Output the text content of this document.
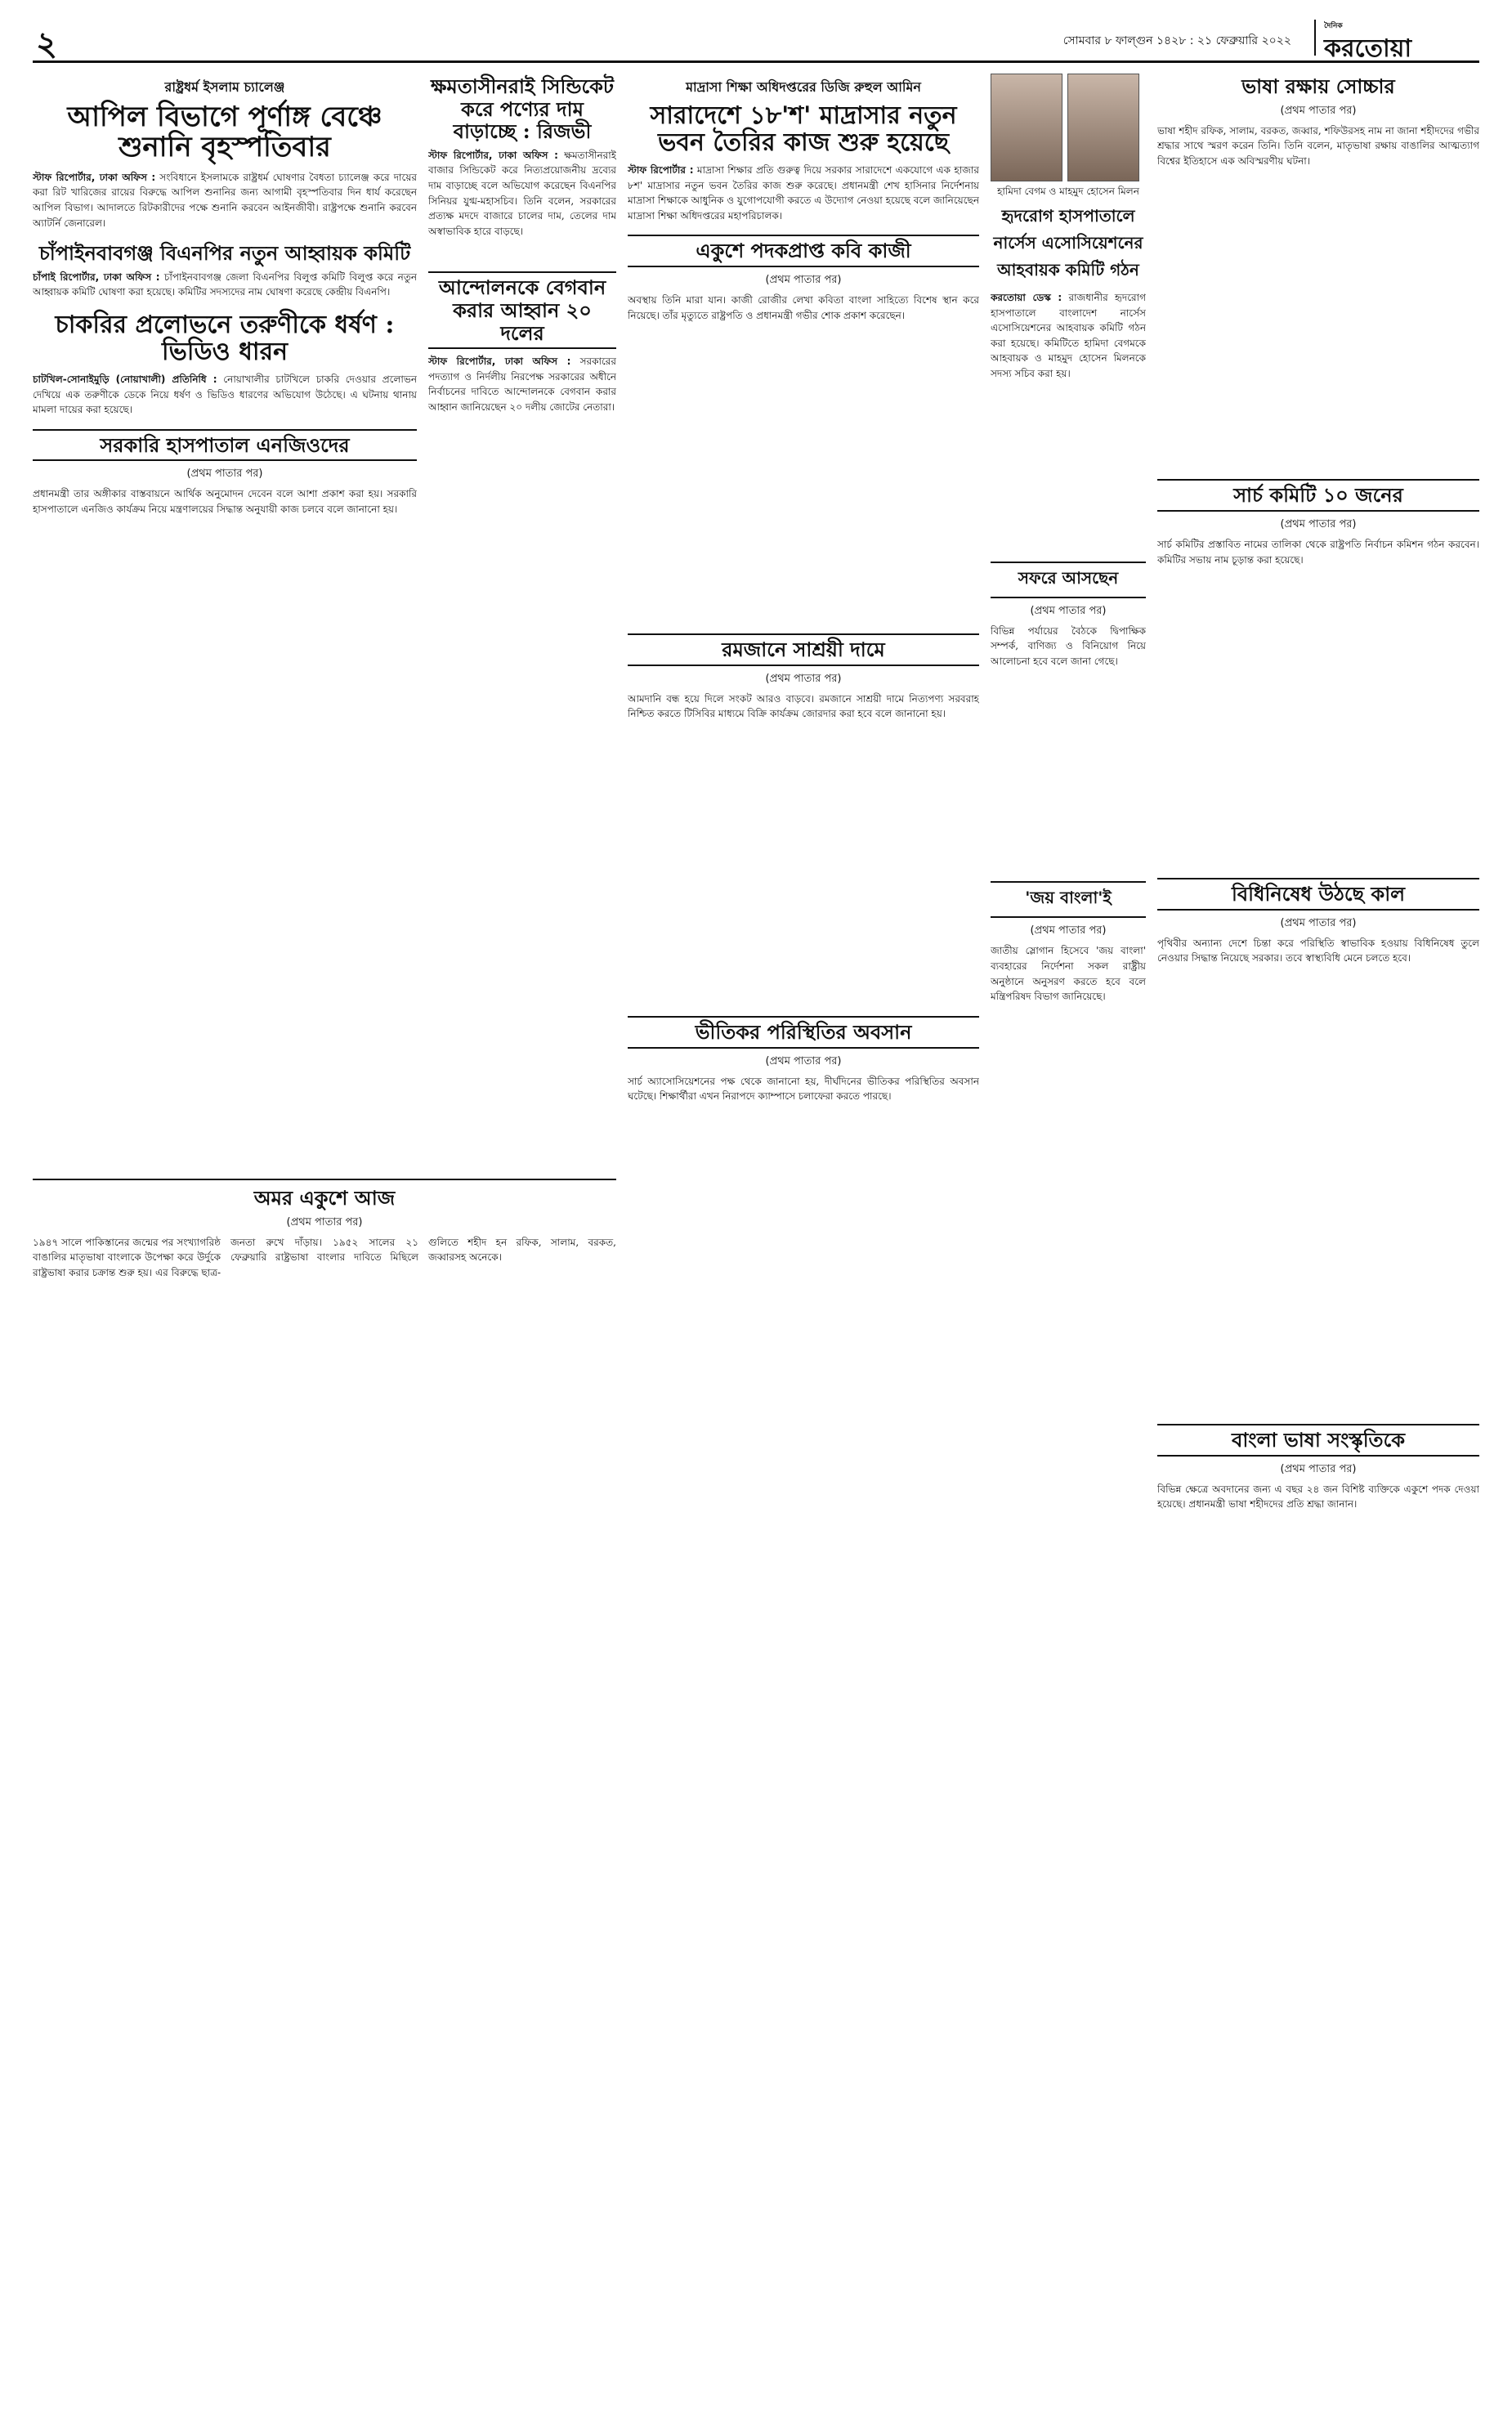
২	সোমবার ৮ ফাল্গুন ১৪২৮ : ২১ ফেব্রুয়ারি ২০২২
দৈনিক
করতোয়া
রাষ্ট্রধর্ম ইসলাম চ্যালেঞ্জ
আপিল বিভাগে পূর্ণাঙ্গ বেঞ্চে শুনানি বৃহস্পতিবার
স্টাফ রিপোর্টার, ঢাকা অফিস : সংবিধানে ইসলামকে রাষ্ট্রধর্ম ঘোষণার বৈধতা চ্যালেঞ্জ করে দায়ের করা রিট খারিজের রায়ের বিরুদ্ধে আপিল শুনানির জন্য আগামী বৃহস্পতিবার দিন ধার্য করেছেন আপিল বিভাগ। আদালতে রিটকারীদের পক্ষে শুনানি করবেন আইনজীবী। রাষ্ট্রপক্ষে শুনানি করবেন অ্যাটর্নি জেনারেল।
চাঁপাইনবাবগঞ্জ বিএনপির নতুন আহ্বায়ক কমিটি
চাঁপাই রিপোর্টার, ঢাকা অফিস : চাঁপাইনবাবগঞ্জ জেলা বিএনপির বিলুপ্ত কমিটি বিলুপ্ত করে নতুন আহ্বায়ক কমিটি ঘোষণা করা হয়েছে। কমিটির সদস্যদের নাম ঘোষণা করেছে কেন্দ্রীয় বিএনপি।
চাকরির প্রলোভনে তরুণীকে ধর্ষণ : ভিডিও ধারন
চাটখিল-সোনাইমুড়ি (নোয়াখালী) প্রতিনিধি : নোয়াখালীর চাটখিলে চাকরি দেওয়ার প্রলোভন দেখিয়ে এক তরুণীকে ডেকে নিয়ে ধর্ষণ ও ভিডিও ধারণের অভিযোগ উঠেছে। এ ঘটনায় থানায় মামলা দায়ের করা হয়েছে।
সরকারি হাসপাতাল এনজিওদের
(প্রথম পাতার পর)
প্রধানমন্ত্রী তার অঙ্গীকার বাস্তবায়নে আর্থিক অনুমোদন দেবেন বলে আশা প্রকাশ করা হয়। সরকারি হাসপাতালে এনজিও কার্যক্রম নিয়ে মন্ত্রণালয়ের সিদ্ধান্ত অনুযায়ী কাজ চলবে বলে জানানো হয়।
ক্ষমতাসীনরাই সিন্ডিকেট করে পণ্যের দাম বাড়াচ্ছে : রিজভী
স্টাফ রিপোর্টার, ঢাকা অফিস : ক্ষমতাসীনরাই বাজার সিন্ডিকেট করে নিত্যপ্রয়োজনীয় দ্রব্যের দাম বাড়াচ্ছে বলে অভিযোগ করেছেন বিএনপির সিনিয়র যুগ্ম-মহাসচিব। তিনি বলেন, সরকারের প্রত্যক্ষ মদদে বাজারে চালের দাম, তেলের দাম অস্বাভাবিক হারে বাড়ছে।
আন্দোলনকে বেগবান করার আহ্বান ২০ দলের
স্টাফ রিপোর্টার, ঢাকা অফিস : সরকারের পদত্যাগ ও নির্দলীয় নিরপেক্ষ সরকারের অধীনে নির্বাচনের দাবিতে আন্দোলনকে বেগবান করার আহ্বান জানিয়েছেন ২০ দলীয় জোটের নেতারা।
মাদ্রাসা শিক্ষা অধিদপ্তরের ডিজি রুহুল আমিন
সারাদেশে ১৮'শ' মাদ্রাসার নতুন ভবন তৈরির কাজ শুরু হয়েছে
স্টাফ রিপোর্টার : মাদ্রাসা শিক্ষার প্রতি গুরুত্ব দিয়ে সরকার সারাদেশে একযোগে এক হাজার ৮শ' মাদ্রাসার নতুন ভবন তৈরির কাজ শুরু করেছে। প্রধানমন্ত্রী শেখ হাসিনার নির্দেশনায় মাদ্রাসা শিক্ষাকে আধুনিক ও যুগোপযোগী করতে এ উদ্যোগ নেওয়া হয়েছে বলে জানিয়েছেন মাদ্রাসা শিক্ষা অধিদপ্তরের মহাপরিচালক।
একুশে পদকপ্রাপ্ত কবি কাজী
(প্রথম পাতার পর)
অবস্থায় তিনি মারা যান। কাজী রোজীর লেখা কবিতা বাংলা সাহিত্যে বিশেষ স্থান করে নিয়েছে। তাঁর মৃত্যুতে রাষ্ট্রপতি ও প্রধানমন্ত্রী গভীর শোক প্রকাশ করেছেন।
রমজানে সাশ্রয়ী দামে
(প্রথম পাতার পর)
আমদানি বন্ধ হয়ে দিলে সংকট আরও বাড়বে। রমজানে সাশ্রয়ী দামে নিত্যপণ্য সরবরাহ নিশ্চিত করতে টিসিবির মাধ্যমে বিক্রি কার্যক্রম জোরদার করা হবে বলে জানানো হয়।
ভীতিকর পরিস্থিতির অবসান
(প্রথম পাতার পর)
সার্চ অ্যাসোসিয়েশনের পক্ষ থেকে জানানো হয়, দীর্ঘদিনের ভীতিকর পরিস্থিতির অবসান ঘটেছে। শিক্ষার্থীরা এখন নিরাপদে ক্যাম্পাসে চলাফেরা করতে পারছে।
হামিদা বেগম ও মাহমুদ হোসেন মিলন
হৃদরোগ হাসপাতালে নার্সেস এসোসিয়েশনের আহবায়ক কমিটি গঠন
করতোয়া ডেস্ক : রাজধানীর হৃদরোগ হাসপাতালে বাংলাদেশ নার্সেস এসোসিয়েশনের আহবায়ক কমিটি গঠন করা হয়েছে। কমিটিতে হামিদা বেগমকে আহবায়ক ও মাহমুদ হোসেন মিলনকে সদস্য সচিব করা হয়।
সফরে আসছেন
(প্রথম পাতার পর)
বিভিন্ন পর্যায়ের বৈঠকে দ্বিপাক্ষিক সম্পর্ক, বাণিজ্য ও বিনিয়োগ নিয়ে আলোচনা হবে বলে জানা গেছে।
'জয় বাংলা'ই
(প্রথম পাতার পর)
জাতীয় স্লোগান হিসেবে 'জয় বাংলা' ব্যবহারের নির্দেশনা সকল রাষ্ট্রীয় অনুষ্ঠানে অনুসরণ করতে হবে বলে মন্ত্রিপরিষদ বিভাগ জানিয়েছে।
ভাষা রক্ষায় সোচ্চার
(প্রথম পাতার পর)
ভাষা শহীদ রফিক, সালাম, বরকত, জব্বার, শফিউরসহ নাম না জানা শহীদদের গভীর শ্রদ্ধার সাথে স্মরণ করেন তিনি। তিনি বলেন, মাতৃভাষা রক্ষায় বাঙালির আত্মত্যাগ বিশ্বের ইতিহাসে এক অবিস্মরণীয় ঘটনা।
সার্চ কমিটি ১০ জনের
(প্রথম পাতার পর)
সার্চ কমিটির প্রস্তাবিত নামের তালিকা থেকে রাষ্ট্রপতি নির্বাচন কমিশন গঠন করবেন। কমিটির সভায় নাম চূড়ান্ত করা হয়েছে।
বিধিনিষেধ উঠছে কাল
(প্রথম পাতার পর)
পৃথিবীর অন্যান্য দেশে চিন্তা করে পরিস্থিতি স্বাভাবিক হওয়ায় বিধিনিষেধ তুলে নেওয়ার সিদ্ধান্ত নিয়েছে সরকার। তবে স্বাস্থ্যবিধি মেনে চলতে হবে।
বাংলা ভাষা সংস্কৃতিকে
(প্রথম পাতার পর)
বিভিন্ন ক্ষেত্রে অবদানের জন্য এ বছর ২৪ জন বিশিষ্ট ব্যক্তিকে একুশে পদক দেওয়া হয়েছে। প্রধানমন্ত্রী ভাষা শহীদদের প্রতি শ্রদ্ধা জানান।
অমর একুশে আজ
(প্রথম পাতার পর)
১৯৪৭ সালে পাকিস্তানের জন্মের পর সংখ্যাগরিষ্ঠ বাঙালির মাতৃভাষা বাংলাকে উপেক্ষা করে উর্দুকে রাষ্ট্রভাষা করার চক্রান্ত শুরু হয়। এর বিরুদ্ধে ছাত্র-জনতা রুখে দাঁড়ায়। ১৯৫২ সালের ২১ ফেব্রুয়ারি রাষ্ট্রভাষা বাংলার দাবিতে মিছিলে গুলিতে শহীদ হন রফিক, সালাম, বরকত, জব্বারসহ অনেকে।
